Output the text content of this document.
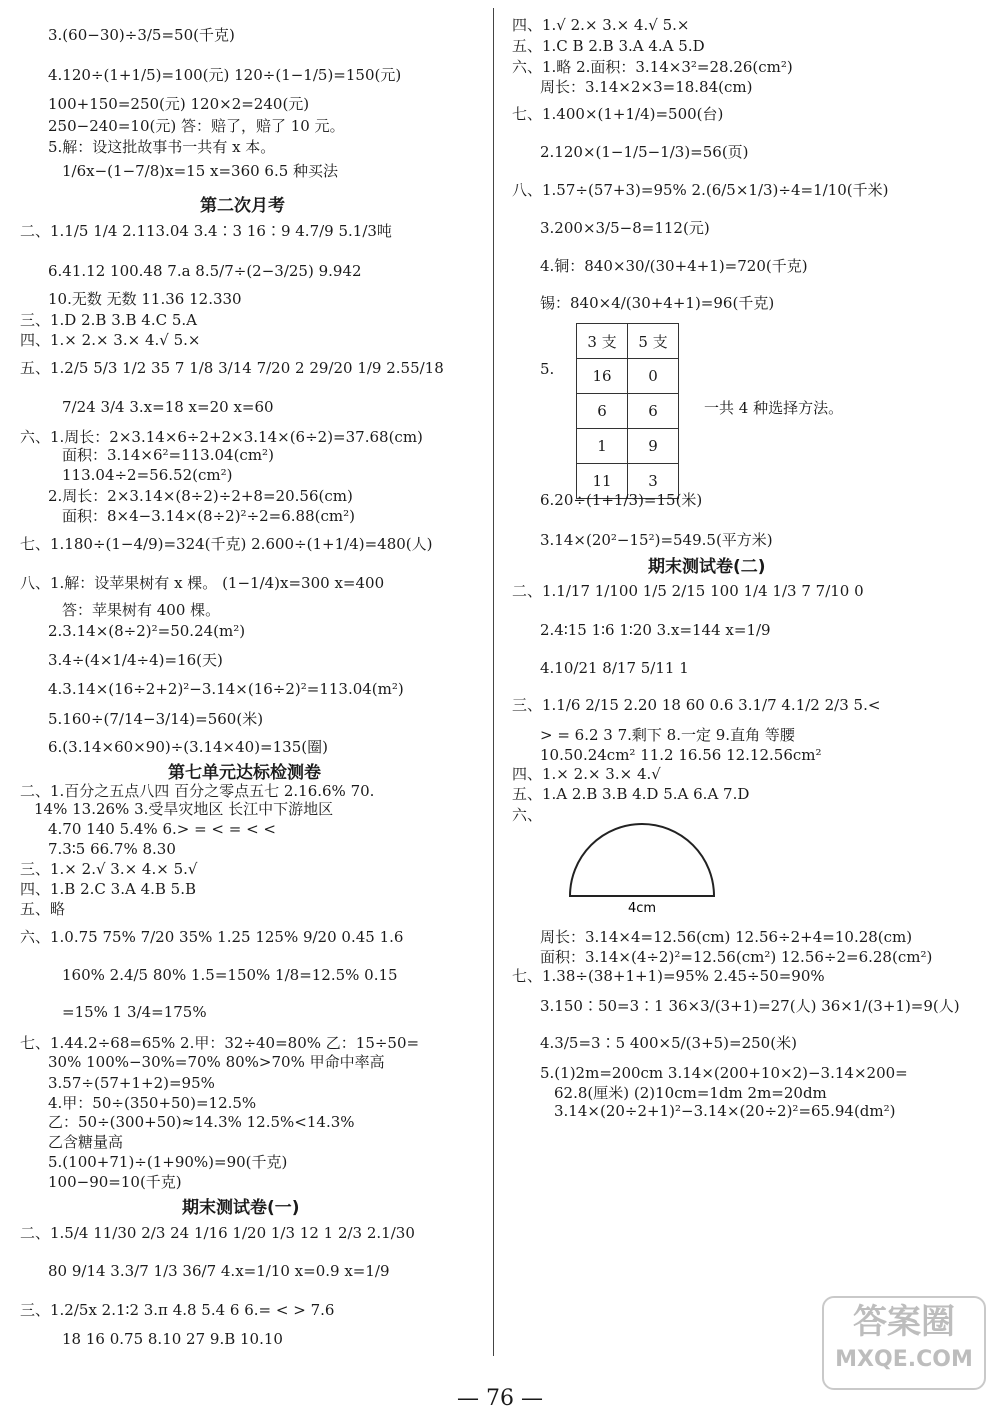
3.(60−30)÷3/5=50(千克)
4.120÷(1+1/5)=100(元) 120÷(1−1/5)=150(元)
100+150=250(元) 120×2=240(元)
250−240=10(元) 答：赔了，赔了 10 元。
5.解：设这批故事书一共有 x 本。
1/6x−(1−7/8)x=15 x=360 6.5 种买法
第二次月考
二、1.1/5 1/4 2.113.04 3.4∶3 16∶9 4.7/9 5.1/3吨
6.41.12 100.48 7.a 8.5/7÷(2−3/25) 9.942
10.无数 无数 11.36 12.330
三、1.D 2.B 3.B 4.C 5.A
四、1.× 2.× 3.× 4.√ 5.×
五、1.2/5 5/3 1/2 35 7 1/8 3/14 7/20 2 29/20 1/9 2.55/18
7/24 3/4 3.x=18 x=20 x=60
六、1.周长：2×3.14×6÷2+2×3.14×(6÷2)=37.68(cm)
面积：3.14×6²=113.04(cm²)
113.04÷2=56.52(cm²)
2.周长：2×3.14×(8÷2)÷2+8=20.56(cm)
面积：8×4−3.14×(8÷2)²÷2=6.88(cm²)
七、1.180÷(1−4/9)=324(千克) 2.600÷(1+1/4)=480(人)
八、1.解：设苹果树有 x 棵。 (1−1/4)x=300 x=400
答：苹果树有 400 棵。
2.3.14×(8÷2)²=50.24(m²)
3.4÷(4×1/4÷4)=16(天)
4.3.14×(16÷2+2)²−3.14×(16÷2)²=113.04(m²)
5.160÷(7/14−3/14)=560(米)
6.(3.14×60×90)÷(3.14×40)=135(圈)
第七单元达标检测卷
二、1.百分之五点八四 百分之零点五七 2.16.6% 70.
14% 13.26% 3.受旱灾地区 长江中下游地区
4.70 140 5.4% 6.> = < = < <
7.3∶5 66.7% 8.30
三、1.× 2.√ 3.× 4.× 5.√
四、1.B 2.C 3.A 4.B 5.B
五、略
六、1.0.75 75% 7/20 35% 1.25 125% 9/20 0.45 1.6
160% 2.4/5 80% 1.5=150% 1/8=12.5% 0.15
=15% 1 3/4=175%
七、1.44.2÷68=65% 2.甲：32÷40=80% 乙：15÷50=
30% 100%−30%=70% 80%>70% 甲命中率高
3.57÷(57+1+2)=95%
4.甲：50÷(350+50)=12.5%
乙：50÷(300+50)≈14.3% 12.5%<14.3%
乙含糖量高
5.(100+71)÷(1+90%)=90(千克)
100−90=10(千克)
期末测试卷(一)
二、1.5/4 11/30 2/3 24 1/16 1/20 1/3 12 1 2/3 2.1/30
80 9/14 3.3/7 1/3 36/7 4.x=1/10 x=0.9 x=1/9
三、1.2/5x 2.1∶2 3.π 4.8 5.4 6 6.= < > 7.6
18 16 0.75 8.10 27 9.B 10.10
四、1.√ 2.× 3.× 4.√ 5.×
五、1.C B 2.B 3.A 4.A 5.D
六、1.略 2.面积：3.14×3²=28.26(cm²)
周长：3.14×2×3=18.84(cm)
七、1.400×(1+1/4)=500(台)
2.120×(1−1/5−1/3)=56(页)
八、1.57÷(57+3)=95% 2.(6/5×1/3)÷4=1/10(千米)
3.200×3/5−8=112(元)
4.铜：840×30/(30+4+1)=720(千克)
锡：840×4/(30+4+1)=96(千克)
5.
3 支	5 支
16	0
6	6
1	9
11	3
一共 4 种选择方法。
6.20÷(1+1/3)=15(米)
3.14×(20²−15²)=549.5(平方米)
期末测试卷(二)
二、1.1/17 1/100 1/5 2/15 100 1/4 1/3 7 7/10 0
2.4∶15 1∶6 1∶20 3.x=144 x=1/9
4.10/21 8/17 5/11 1
三、1.1/6 2/15 2.20 18 60 0.6 3.1/7 4.1/2 2/3 5.<
> = 6.2 3 7.剩下 8.一定 9.直角 等腰
10.50.24cm² 11.2 16.56 12.12.56cm²
四、1.× 2.× 3.× 4.√
五、1.A 2.B 3.B 4.D 5.A 6.A 7.D
六、
4cm
周长：3.14×4=12.56(cm) 12.56÷2+4=10.28(cm)
面积：3.14×(4÷2)²=12.56(cm²) 12.56÷2=6.28(cm²)
七、1.38÷(38+1+1)=95% 2.45÷50=90%
3.150∶50=3∶1 36×3/(3+1)=27(人) 36×1/(3+1)=9(人)
4.3/5=3∶5 400×5/(3+5)=250(米)
5.(1)2m=200cm 3.14×(200+10×2)−3.14×200=
62.8(厘米) (2)10cm=1dm 2m=20dm
3.14×(20÷2+1)²−3.14×(20÷2)²=65.94(dm²)
— 76 —
答案圈
MXQE.COM
